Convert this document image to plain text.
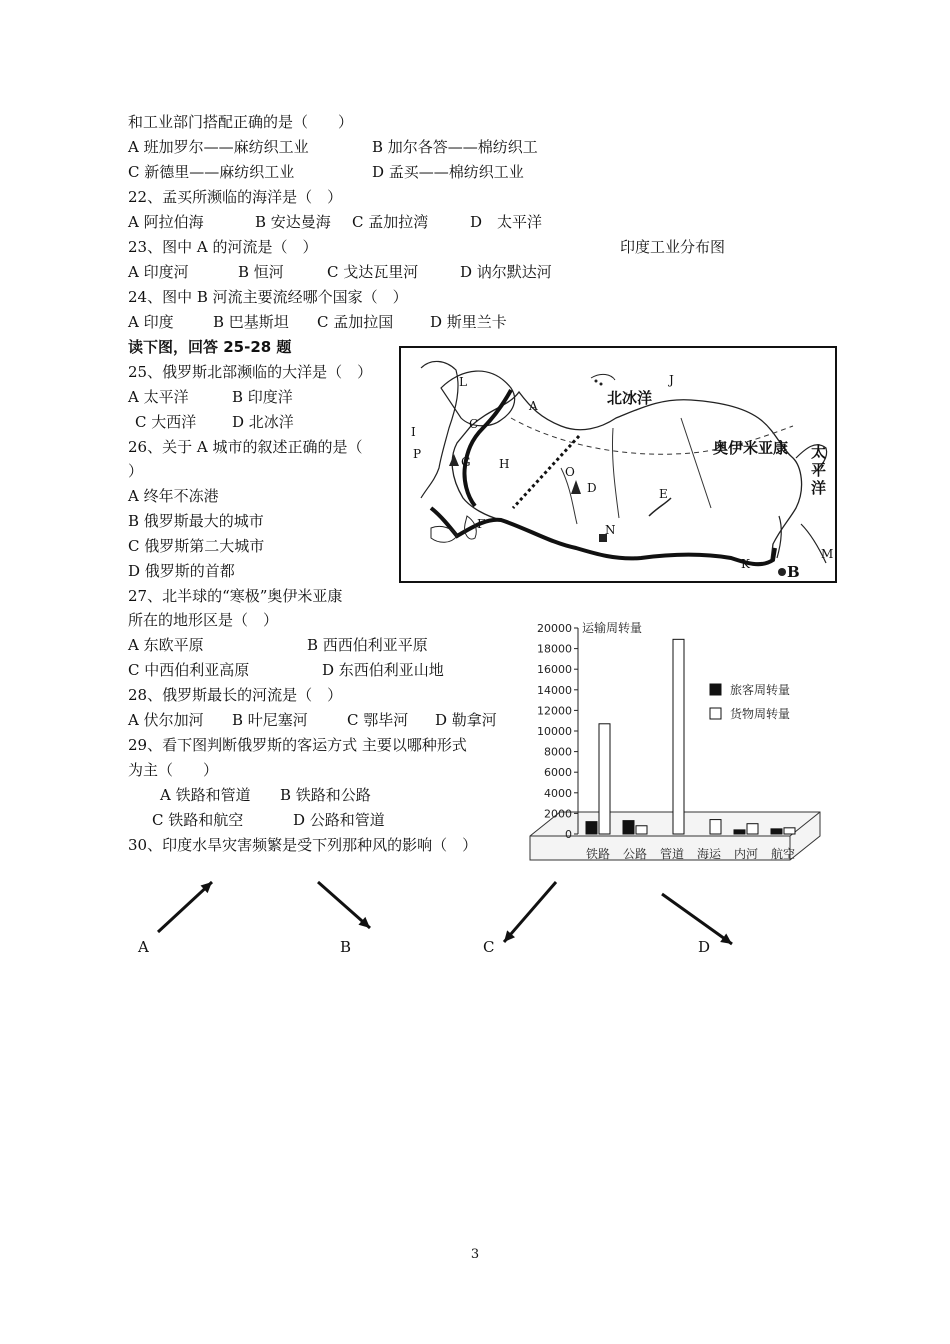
和工业部门搭配正确的是（　　）
A 班加罗尔——麻纺织工业	B 加尔各答——棉纺织工
C 新德里——麻纺织工业	D 孟买——棉纺织工业
22、孟买所濒临的海洋是（　）
A 阿拉伯海	B 安达曼海 C 孟加拉湾	D　太平洋
23、图中 A 的河流是（　）	印度工业分布图
A 印度河	B 恒河	C 戈达瓦里河	D 讷尔默达河
24、图中 B 河流主要流经哪个国家（　）
A 印度	B 巴基斯坦 C 孟加拉国 D 斯里兰卡
读下图，回答 25-28 题
25、俄罗斯北部濒临的大洋是（　）
A 太平洋	B 印度洋
C 大西洋 D 北冰洋
26、关于 A 城市的叙述正确的是（
）
A 终年不冻港
B 俄罗斯最大的城市
C 俄罗斯第二大城市
D 俄罗斯的首都
27、北半球的“寒极”奥伊米亚康
所在的地形区是（　）
A 东欧平原	B 西西伯利亚平原
C 中西伯利亚高原	D 东西伯利亚山地
28、俄罗斯最长的河流是（　）
A 伏尔加河 B 叶尼塞河	C 鄂毕河 D 勒拿河
29、看下图判断俄罗斯的客运方式 主要以哪种形式
为主（　　）
A 铁路和管道 B 铁路和公路
C 铁路和航空	D 公路和管道
30、印度水旱灾害频繁是受下列那种风的影响（　）
L	J
A
I
C
P
G H
O
D	E
F	N
K
M
B
北冰洋
奥伊米亚康 太
平
洋
0
2000
4000
6000
8000
10000
12000
14000
16000
18000
20000 运输周转量
铁路 公路 管道 海运 内河 航空
旅客周转量
货物周转量
A	B	C	D
3
